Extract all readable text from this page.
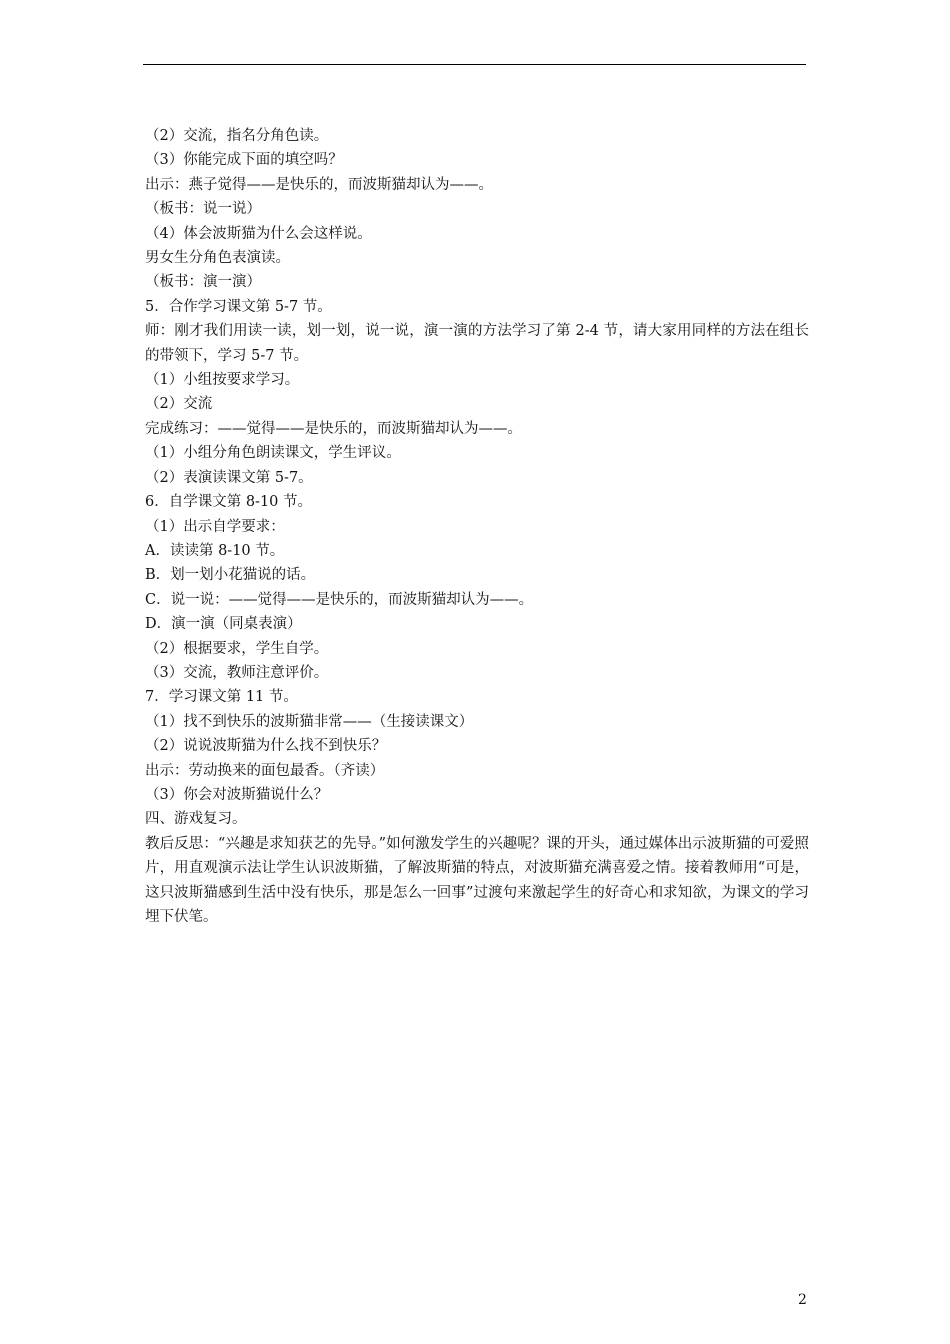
（2）交流，指名分角色读。

（3）你能完成下面的填空吗？

出示：燕子觉得——是快乐的，而波斯猫却认为——。

（板书：说一说）

（4）体会波斯猫为什么会这样说。

男女生分角色表演读。

（板书：演一演）

5．合作学习课文第 5-7 节。

师：刚才我们用读一读，划一划，说一说，演一演的方法学习了第 2-4 节，请大家用同样的方法在组长的带领下，学习 5-7 节。

（1）小组按要求学习。

（2）交流

完成练习：——觉得——是快乐的，而波斯猫却认为——。

（1）小组分角色朗读课文，学生评议。

（2）表演读课文第 5-7。

6．自学课文第 8-10 节。

（1）出示自学要求：

A．读读第 8-10 节。

B．划一划小花猫说的话。

C．说一说：——觉得——是快乐的，而波斯猫却认为——。

D．演一演（同桌表演）

（2）根据要求，学生自学。

（3）交流，教师注意评价。

7．学习课文第 11 节。

（1）找不到快乐的波斯猫非常——（生接读课文）

（2）说说波斯猫为什么找不到快乐？

出示：劳动换来的面包最香。（齐读）

（3）你会对波斯猫说什么？

四、游戏复习。

教后反思：“兴趣是求知获艺的先导。”如何激发学生的兴趣呢？课的开头，通过媒体出示波斯猫的可爱照片，用直观演示法让学生认识波斯猫，了解波斯猫的特点，对波斯猫充满喜爱之情。接着教师用“可是，这只波斯猫感到生活中没有快乐，那是怎么一回事”过渡句来激起学生的好奇心和求知欲，为课文的学习埋下伏笔。

2
